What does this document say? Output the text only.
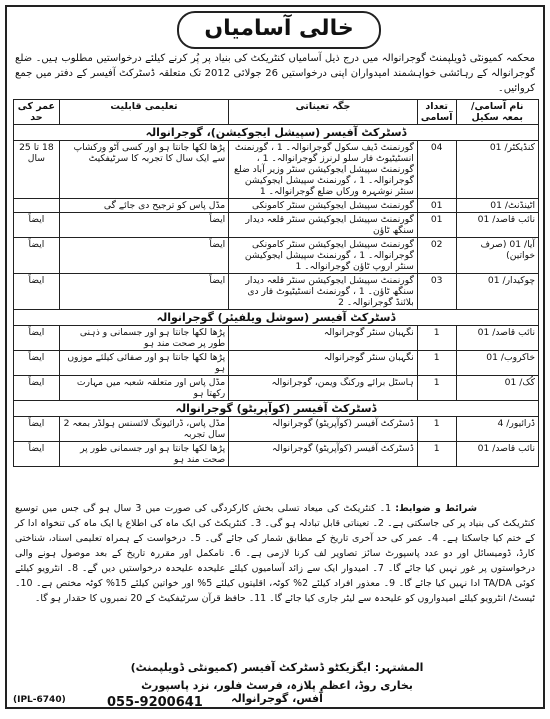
خالی آسامیاں
محکمہ کمیونٹی ڈویلپمنٹ گوجرانوالہ میں درج ذیل آسامیاں کنٹریکٹ کی بنیاد پر پُر کرنے کیلئے درخواستیں مطلوب ہیں۔ ضلع گوجرانوالہ کے رہائشی خواہشمند امیدواران اپنی درخواستیں 26 جولائی 2012 تک متعلقہ ڈسٹرکٹ آفیسر کے دفتر میں جمع کروائیں۔
نام آسامی/ بمعہ سکیل	تعداد آسامی	جگہ تعیناتی	تعلیمی قابلیت	عمر کی حد
ڈسٹرکٹ آفیسر (سپیشل ایجوکیشن)، گوجرانوالہ				
کنڈیکٹر/ 01	04	گورنمنٹ ڈیف سکول گوجرانوالہ۔ 1 ، گورنمنٹ انسٹیٹیوٹ فار سلو لرنرز گوجرانوالہ۔ 1 ، گورنمنٹ سپیشل ایجوکیشن سنٹر وزیر آباد ضلع گوجرانوالہ۔ 1 ، گورنمنٹ سپیشل ایجوکیشن سنٹر نوشہرہ ورکاں ضلع گوجرانوالہ۔ 1	پڑھا لکھا جانتا ہو اور کسی آٹو ورکشاپ سے ایک سال کا تجربہ کا سرٹیفکیٹ	18 تا 25 سال
اٹینڈنٹ/ 01	01	گورنمنٹ سپیشل ایجوکیشن سنٹر کامونکی	مڈل پاس کو ترجیح دی جائے گی	
نائب قاصد/ 01	01	گورنمنٹ سپیشل ایجوکیشن سنٹر قلعہ دیدار سنگھ ٹاؤن	ایضاً	ایضاً
آیا/ 01 (صرف خواتین)	02	گورنمنٹ سپیشل ایجوکیشن سنٹر کامونکی گوجرانوالہ۔ 1 ، گورنمنٹ سپیشل ایجوکیشن سنٹر اروپ ٹاؤن گوجرانوالہ۔ 1	ایضاً	ایضاً
چوکیدار/ 01	03	گورنمنٹ سپیشل ایجوکیشن سنٹر قلعہ دیدار سنگھ ٹاؤن۔ 1 ، گورنمنٹ انسٹیٹیوٹ فار دی بلائنڈ گوجرانوالہ۔ 2	ایضاً	ایضاً
ڈسٹرکٹ آفیسر (سوشل ویلفیئر) گوجرانوالہ				
نائب قاصد/ 01	1	نگہبان سنٹر گوجرانوالہ	پڑھا لکھا جانتا ہو اور جسمانی و ذہنی طور پر صحت مند ہو	ایضاً
خاکروب/ 01	1	نگہبان سنٹر گوجرانوالہ	پڑھا لکھا جانتا ہو اور صفائی کیلئے موزوں ہو	ایضاً
کُک/ 01	1	ہاسٹل برائے ورکنگ ویمن، گوجرانوالہ	مڈل پاس اور متعلقہ شعبہ میں مہارت رکھتا ہو	ایضاً
ڈسٹرکٹ آفیسر (کوآپریٹو) گوجرانوالہ				
ڈرائیور/ 4	1	ڈسٹرکٹ آفیسر (کوآپریٹو) گوجرانوالہ	مڈل پاس، ڈرائیونگ لائسنس ہولڈر بمعہ 2 سال تجربہ	ایضاً
نائب قاصد/ 01	1	ڈسٹرکٹ آفیسر (کوآپریٹو) گوجرانوالہ	پڑھا لکھا جانتا ہو اور جسمانی طور پر صحت مند ہو	ایضاً
شرائط و ضوابط: 1۔ کنٹریکٹ کی میعاد تسلی بخش کارکردگی کی صورت میں 3 سال ہو گی جس میں توسیع کنٹریکٹ کی بنیاد پر کی جاسکتی ہے۔ 2۔ تعیناتی قابل تبادلہ ہو گی۔ 3۔ کنٹریکٹ کی ایک ماہ کی اطلاع یا ایک ماہ کی تنخواہ ادا کر کے ختم کیا جاسکتا ہے۔ 4۔ عمر کی حد آخری تاریخ کے مطابق شمار کی جائے گی۔ 5۔ درخواست کے ہمراہ تعلیمی اسناد، شناختی کارڈ، ڈومیسائل اور دو عدد پاسپورٹ سائز تصاویر لف کرنا لازمی ہے۔ 6۔ نامکمل اور مقررہ تاریخ کے بعد موصول ہونے والی درخواستوں پر غور نہیں کیا جائے گا۔ 7۔ امیدوار ایک سے زائد آسامیوں کیلئے علیحدہ علیحدہ درخواستیں دیں گے۔ 8۔ انٹرویو کیلئے کوئی TA/DA ادا نہیں کیا جائے گا۔ 9۔ معذور افراد کیلئے 2% کوٹہ، اقلیتوں کیلئے 5% اور خواتین کیلئے 15% کوٹہ مختص ہے۔ 10۔ ٹیسٹ/ انٹرویو کیلئے امیدواروں کو علیحدہ سے لیٹر جاری کیا جائے گا۔ 11۔ حافظ قرآن سرٹیفکیٹ کے 20 نمبروں کا حقدار ہو گا۔
المشتہر: ایگزیکٹو ڈسٹرکٹ آفیسر (کمیونٹی ڈویلپمنٹ)
بخاری روڈ، اعظم پلازہ، فرسٹ فلور، نزد پاسپورٹ آفس، گوجرانوالہ
055-9200641
(IPL-6740)
